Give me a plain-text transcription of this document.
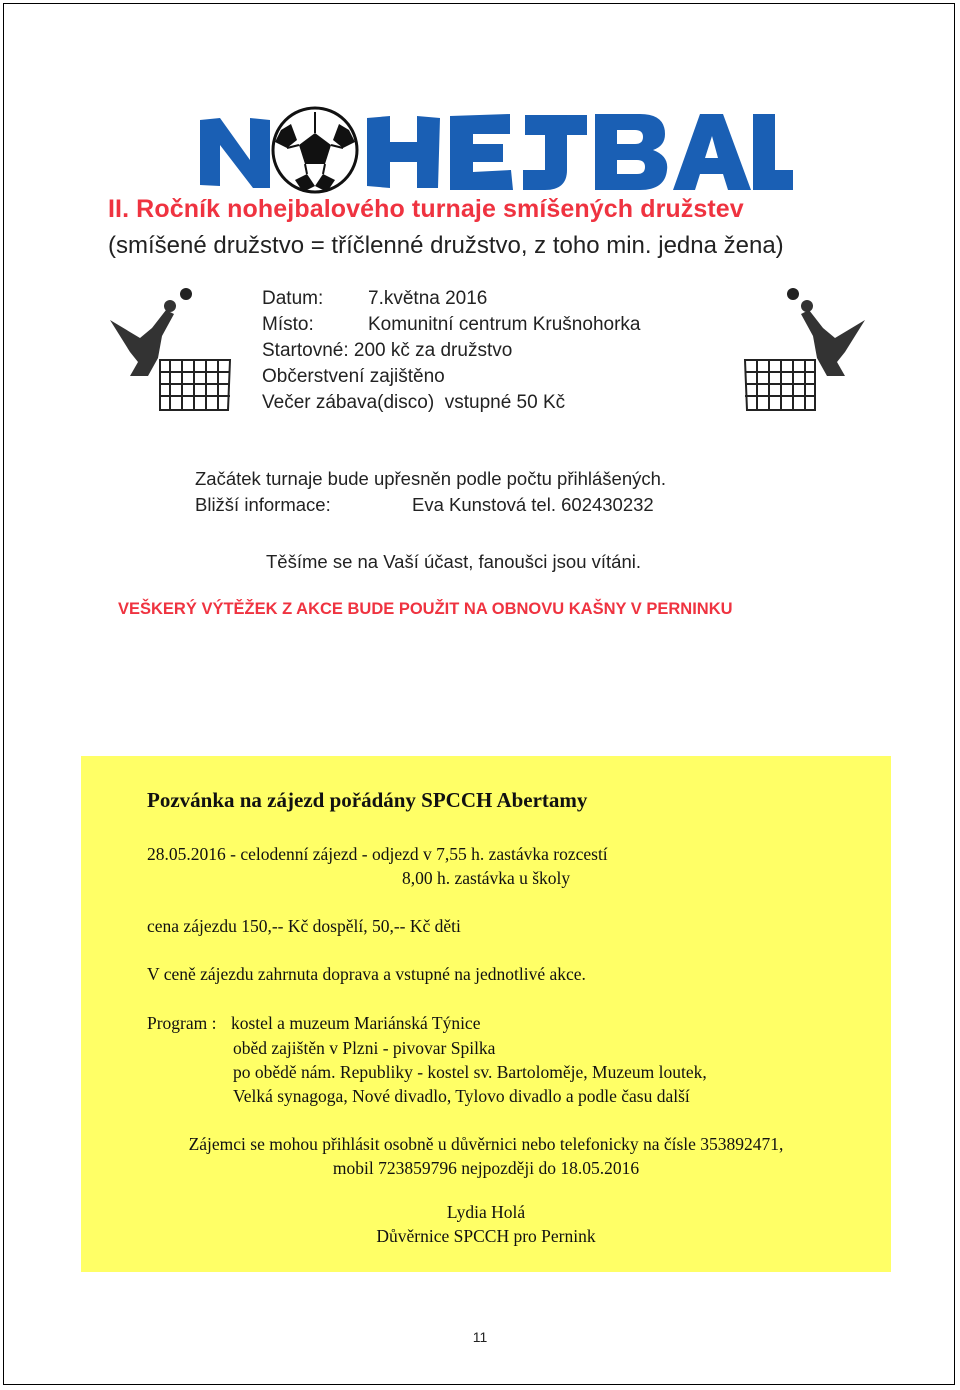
II. Ročník nohejbalového turnaje smíšených družstev
(smíšené družstvo = tříčlenné družstvo, z toho min. jedna žena)
Datum: 7.května 2016
Místo:	Komunitní centrum Krušnohorka
Startovné: 200 kč za družstvo
Občerstvení zajištěno
Večer zábava(disco) vstupné 50 Kč
Začátek turnaje bude upřesněn podle počtu přihlášených.
Bližší informace:	Eva Kunstová tel. 602430232
Těšíme se na Vaší účast, fanoušci jsou vítáni.
VEŠKERÝ VÝTĚŽEK Z AKCE BUDE POUŽIT NA OBNOVU KAŠNY V PERNINKU
Pozvánka na zájezd pořádány SPCCH Abertamy
28.05.2016 - celodenní zájezd - odjezd v 7,55 h. zastávka rozcestí
8,00 h. zastávka u školy
cena zájezdu 150,-- Kč dospělí, 50,-- Kč děti
V ceně zájezdu zahrnuta doprava a vstupné na jednotlivé akce.
Program : kostel a muzeum Mariánská Týnice
oběd zajištěn v Plzni - pivovar Spilka
po obědě nám. Republiky - kostel sv. Bartoloměje, Muzeum loutek,
Velká synagoga, Nové divadlo, Tylovo divadlo a podle času další
Zájemci se mohou přihlásit osobně u důvěrnici nebo telefonicky na čísle 353892471,
mobil 723859796 nejpozději do 18.05.2016
Lydia Holá
Důvěrnice SPCCH pro Pernink
11
